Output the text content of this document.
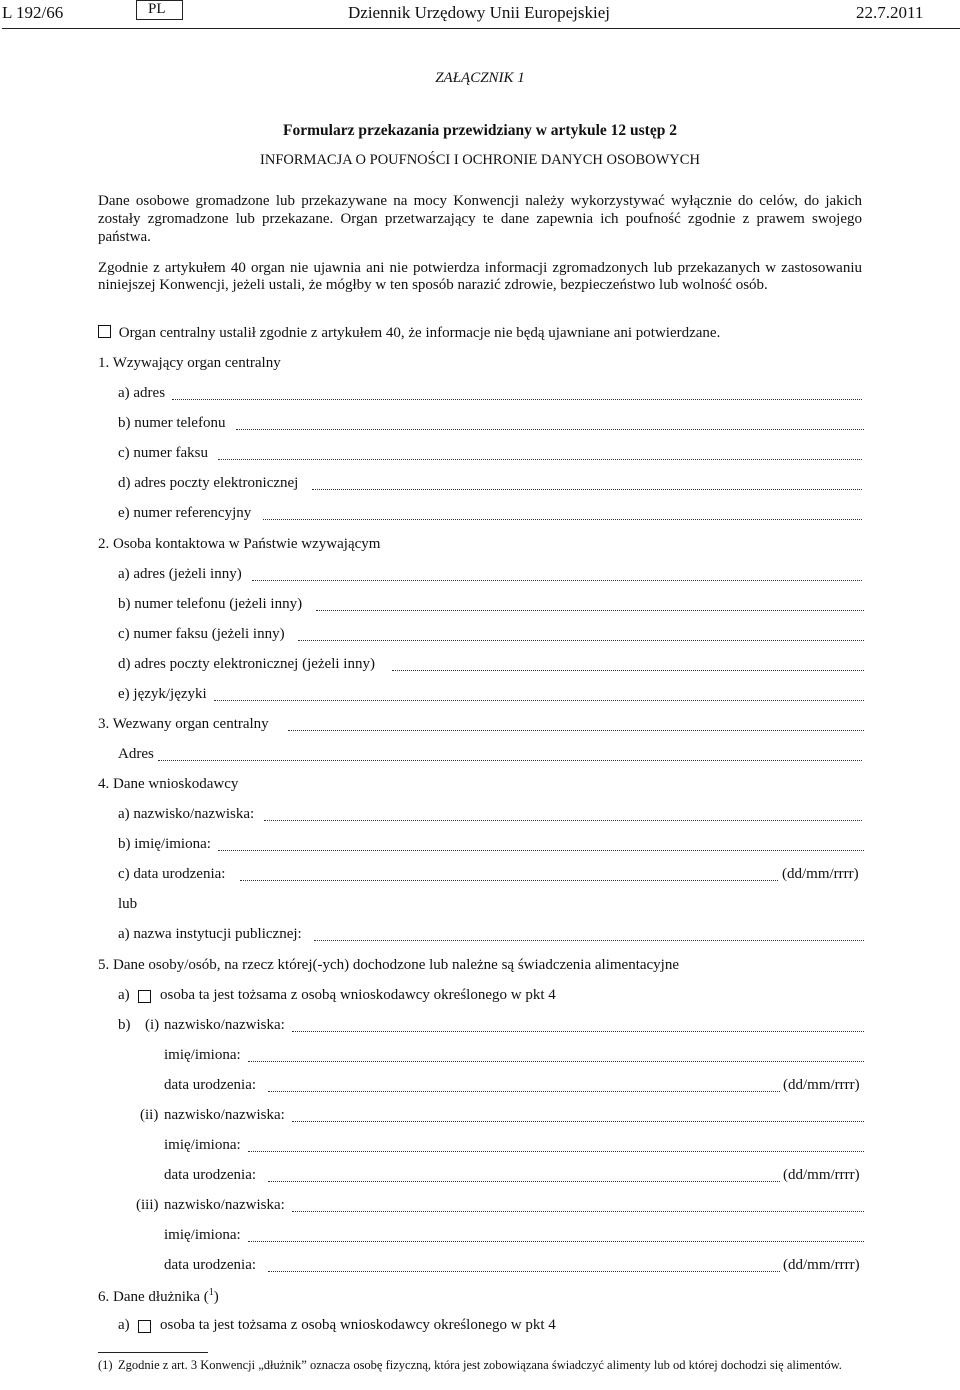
L 192/66	PL	Dziennik Urzędowy Unii Europejskiej	22.7.2011
ZAŁĄCZNIK 1
Formularz przekazania przewidziany w artykule 12 ustęp 2
INFORMACJA O POUFNOŚCI I OCHRONIE DANYCH OSOBOWYCH
Dane osobowe gromadzone lub przekazywane na mocy Konwencji należy wykorzystywać wyłącznie do celów, do jakich zostały zgromadzone lub przekazane. Organ przetwarzający te dane zapewnia ich poufność zgodnie z prawem swojego państwa.
Zgodnie z artykułem 40 organ nie ujawnia ani nie potwierdza informacji zgromadzonych lub przekazanych w zastosowaniu niniejszej Konwencji, jeżeli ustali, że mógłby w ten sposób narazić zdrowie, bezpieczeństwo lub wolność osób.
Organ centralny ustalił zgodnie z artykułem 40, że informacje nie będą ujawniane ani potwierdzane.
1. Wzywający organ centralny
a) adres
b) numer telefonu
c) numer faksu
d) adres poczty elektronicznej
e) numer referencyjny
2. Osoba kontaktowa w Państwie wzywającym
a) adres (jeżeli inny)
b) numer telefonu (jeżeli inny)
c) numer faksu (jeżeli inny)
d) adres poczty elektronicznej (jeżeli inny)
e) język/języki
3. Wezwany organ centralny
Adres
4. Dane wnioskodawcy
a) nazwisko/nazwiska:
b) imię/imiona:
c) data urodzenia:	(dd/mm/rrrr)
lub
a) nazwa instytucji publicznej:
5. Dane osoby/osób, na rzecz której(-ych) dochodzone lub należne są świadczenia alimentacyjne
a) osoba ta jest tożsama z osobą wnioskodawcy określonego w pkt 4
b) (i) nazwisko/nazwiska:
imię/imiona:
data urodzenia:	(dd/mm/rrrr)
(ii) nazwisko/nazwiska:
imię/imiona:
data urodzenia:	(dd/mm/rrrr)
(iii) nazwisko/nazwiska:
imię/imiona:
data urodzenia:	(dd/mm/rrrr)
6. Dane dłużnika ($^1$)
a) osoba ta jest tożsama z osobą wnioskodawcy określonego w pkt 4
(1) Zgodnie z art. 3 Konwencji „dłużnik” oznacza osobę fizyczną, która jest zobowiązana świadczyć alimenty lub od której dochodzi się alimentów.
